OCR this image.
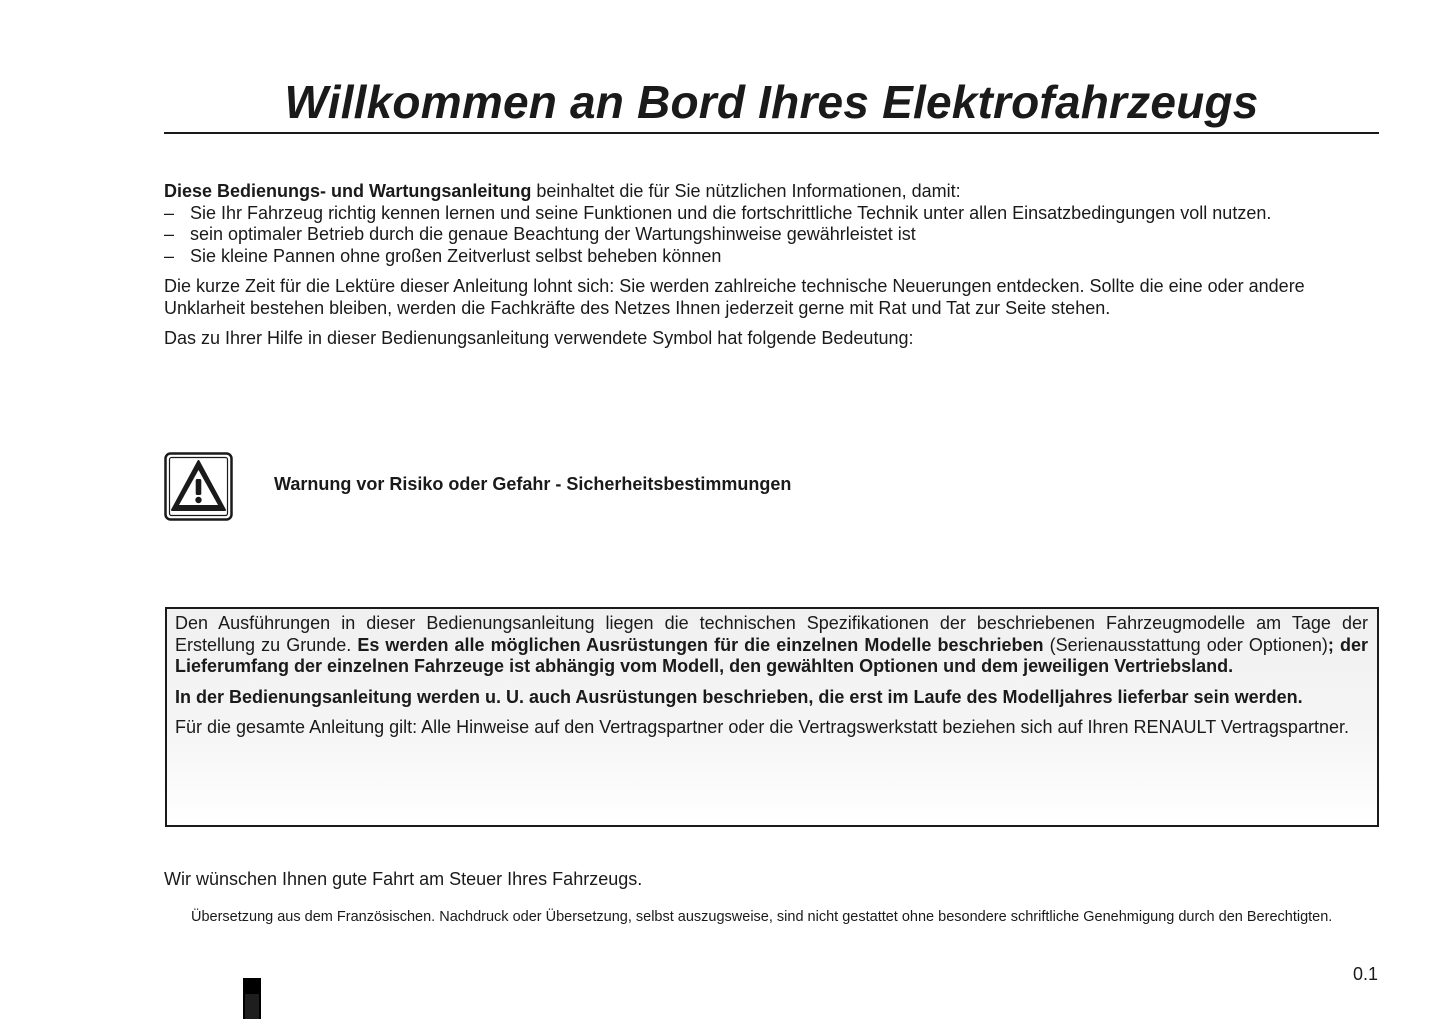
Willkommen an Bord Ihres Elektrofahrzeugs

Diese Bedienungs- und Wartungsanleitung beinhaltet die für Sie nützlichen Informationen, damit:

– Sie Ihr Fahrzeug richtig kennen lernen und seine Funktionen und die fortschrittliche Technik unter allen Einsatzbedingungen voll nutzen.
– sein optimaler Betrieb durch die genaue Beachtung der Wartungshinweise gewährleistet ist
– Sie kleine Pannen ohne großen Zeitverlust selbst beheben können

Die kurze Zeit für die Lektüre dieser Anleitung lohnt sich: Sie werden zahlreiche technische Neuerungen entdecken. Sollte die eine oder andere Unklarheit bestehen bleiben, werden die Fachkräfte des Netzes Ihnen jederzeit gerne mit Rat und Tat zur Seite stehen.

Das zu Ihrer Hilfe in dieser Bedienungsanleitung verwendete Symbol hat folgende Bedeutung:

Warnung vor Risiko oder Gefahr - Sicherheitsbestimmungen

Den Ausführungen in dieser Bedienungsanleitung liegen die technischen Spezifikationen der beschriebenen Fahrzeugmodelle am Tage der Erstellung zu Grunde. Es werden alle möglichen Ausrüstungen für die einzelnen Modelle beschrieben (Serienausstattung oder Optionen); der Lieferumfang der einzelnen Fahrzeuge ist abhängig vom Modell, den gewählten Optionen und dem jeweiligen Vertriebsland.

In der Bedienungsanleitung werden u. U. auch Ausrüstungen beschrieben, die erst im Laufe des Modelljahres lieferbar sein werden.

Für die gesamte Anleitung gilt: Alle Hinweise auf den Vertragspartner oder die Vertragswerkstatt beziehen sich auf Ihren RENAULT Vertragspartner.

Wir wünschen Ihnen gute Fahrt am Steuer Ihres Fahrzeugs.

Übersetzung aus dem Französischen. Nachdruck oder Übersetzung, selbst auszugsweise, sind nicht gestattet ohne besondere schriftliche Genehmigung durch den Berechtigten.

0.1
